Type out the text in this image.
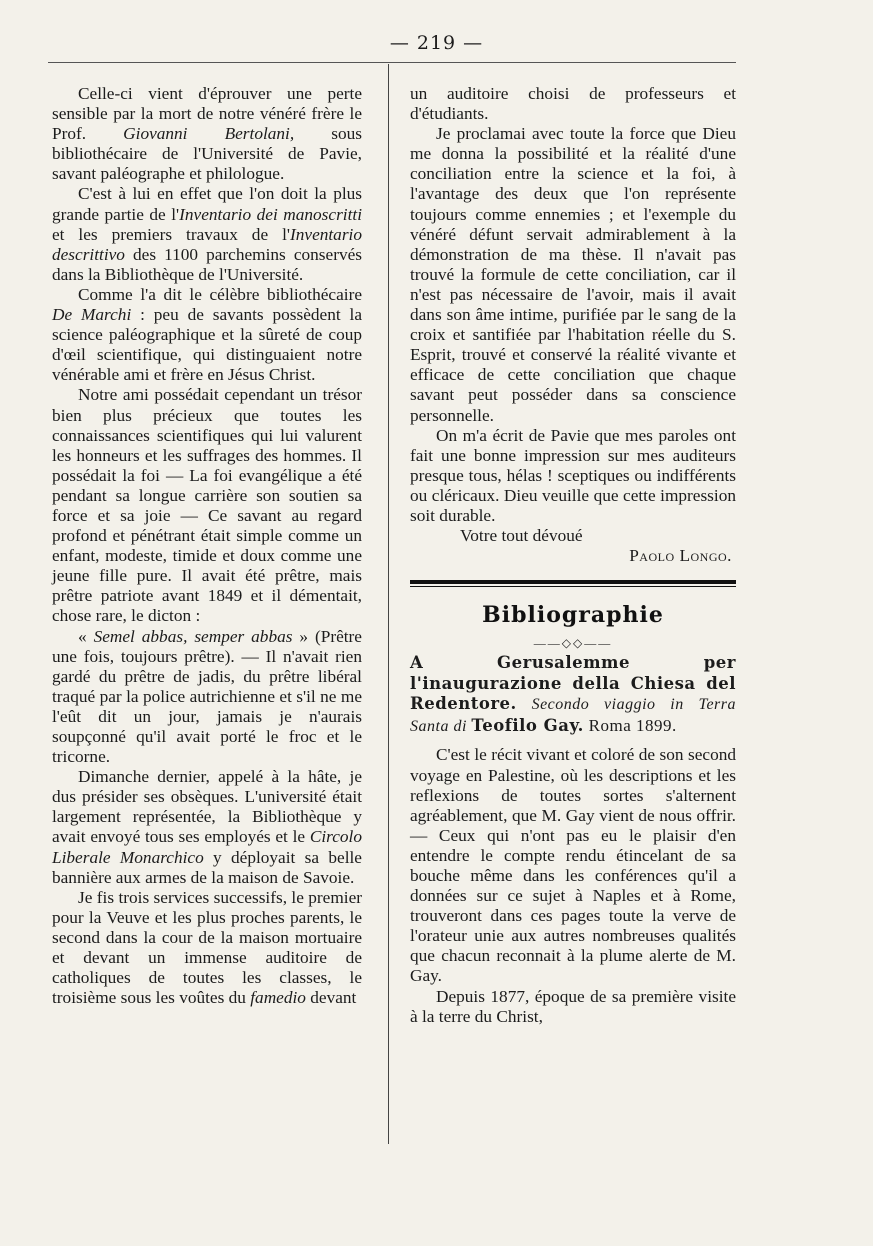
— 219 —

Celle-ci vient d'éprouver une perte sensible par la mort de notre vénéré frère le Prof. Giovanni Bertolani, sous bibliothécaire de l'Université de Pavie, savant paléographe et philologue.

C'est à lui en effet que l'on doit la plus grande partie de l'Inventario dei manoscritti et les premiers travaux de l'Inventario descrittivo des 1100 parchemins conservés dans la Bibliothèque de l'Université.

Comme l'a dit le célèbre bibliothécaire De Marchi : peu de savants possèdent la science paléographique et la sûreté de coup d'œil scientifique, qui distinguaient notre vénérable ami et frère en Jésus Christ.

Notre ami possédait cependant un trésor bien plus précieux que toutes les connaissances scientifiques qui lui valurent les honneurs et les suffrages des hommes. Il possédait la foi — La foi evangélique a été pendant sa longue carrière son soutien sa force et sa joie — Ce savant au regard profond et pénétrant était simple comme un enfant, modeste, timide et doux comme une jeune fille pure. Il avait été prêtre, mais prêtre patriote avant 1849 et il démentait, chose rare, le dicton :

« Semel abbas, semper abbas » (Prêtre une fois, toujours prêtre). — Il n'avait rien gardé du prêtre de jadis, du prêtre libéral traqué par la police autrichienne et s'il ne me l'eût dit un jour, jamais je n'aurais soupçonné qu'il avait porté le froc et le tricorne.

Dimanche dernier, appelé à la hâte, je dus présider ses obsèques. L'université était largement représentée, la Bibliothèque y avait envoyé tous ses employés et le Circolo Liberale Monarchico y déployait sa belle bannière aux armes de la maison de Savoie.

Je fis trois services successifs, le premier pour la Veuve et les plus proches parents, le second dans la cour de la maison mortuaire et devant un immense auditoire de catholiques de toutes les classes, le troisième sous les voûtes du famedio devant

un auditoire choisi de professeurs et d'étudiants.

Je proclamai avec toute la force que Dieu me donna la possibilité et la réalité d'une conciliation entre la science et la foi, à l'avantage des deux que l'on représente toujours comme ennemies ; et l'exemple du vénéré défunt servait admirablement à la démonstration de ma thèse. Il n'avait pas trouvé la formule de cette conciliation, car il n'est pas nécessaire de l'avoir, mais il avait dans son âme intime, purifiée par le sang de la croix et santifiée par l'habitation réelle du S. Esprit, trouvé et conservé la réalité vivante et efficace de cette conciliation que chaque savant peut posséder dans sa conscience personnelle.

On m'a écrit de Pavie que mes paroles ont fait une bonne impression sur mes auditeurs presque tous, hélas ! sceptiques ou indifférents ou cléricaux. Dieu veuille que cette impression soit durable.

Votre tout dévoué

Paolo Longo.

Bibliographie
——◇◇——

A Gerusalemme per l'inaugurazione della Chiesa del Redentore. Secondo viaggio in Terra Santa di Teofilo Gay. Roma 1899.

C'est le récit vivant et coloré de son second voyage en Palestine, où les descriptions et les reflexions de toutes sortes s'alternent agréablement, que M. Gay vient de nous offrir. — Ceux qui n'ont pas eu le plaisir d'en entendre le compte rendu étincelant de sa bouche même dans les conférences qu'il a données sur ce sujet à Naples et à Rome, trouveront dans ces pages toute la verve de l'orateur unie aux autres nombreuses qualités que chacun reconnait à la plume alerte de M. Gay.

Depuis 1877, époque de sa première visite à la terre du Christ,
